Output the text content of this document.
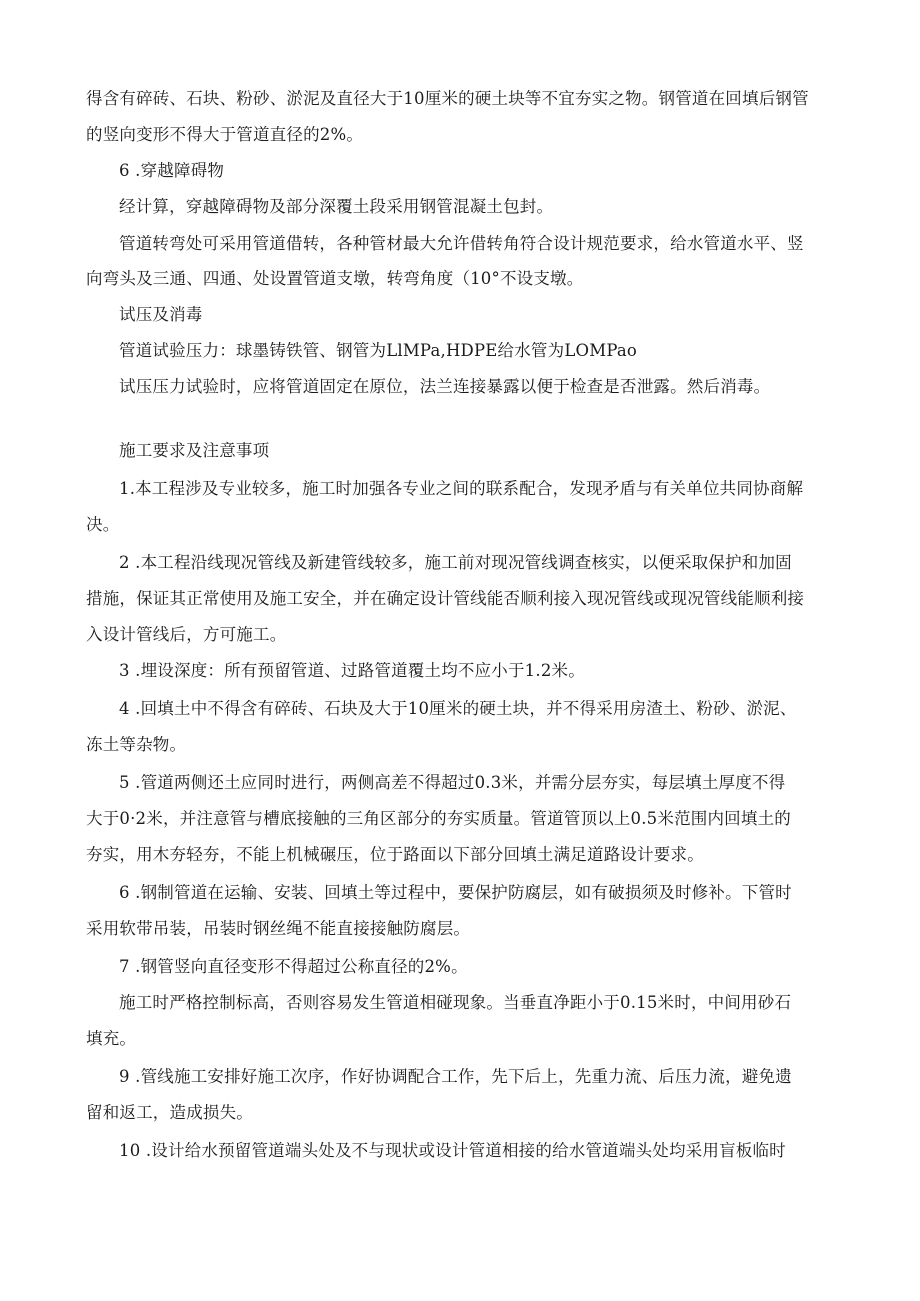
得含有碎砖、石块、粉砂、淤泥及直径大于10厘米的硬土块等不宜夯实之物。钢管道在回填后钢管
的竖向变形不得大于管道直径的2%。
6 .穿越障碍物
经计算，穿越障碍物及部分深覆土段采用钢管混凝土包封。
管道转弯处可采用管道借转，各种管材最大允许借转角符合设计规范要求，给水管道水平、竖
向弯头及三通、四通、处设置管道支墩，转弯角度（10°不设支墩。
试压及消毒
管道试验压力：球墨铸铁管、钢管为LlMPa,HDPE给水管为LOMPao
试压压力试验时，应将管道固定在原位，法兰连接暴露以便于检查是否泄露。然后消毒。
施工要求及注意事项
1.本工程涉及专业较多，施工时加强各专业之间的联系配合，发现矛盾与有关单位共同协商解
决。
2 .本工程沿线现况管线及新建管线较多，施工前对现况管线调查核实，以便采取保护和加固
措施，保证其正常使用及施工安全，并在确定设计管线能否顺利接入现况管线或现况管线能顺利接
入设计管线后，方可施工。
3 .埋设深度：所有预留管道、过路管道覆土均不应小于1.2米。
4 .回填土中不得含有碎砖、石块及大于10厘米的硬土块，并不得采用房渣土、粉砂、淤泥、
冻土等杂物。
5 .管道两侧还土应同时进行，两侧高差不得超过0.3米，并需分层夯实，每层填土厚度不得
大于0·2米，并注意管与槽底接触的三角区部分的夯实质量。管道管顶以上0.5米范围内回填土的
夯实，用木夯轻夯，不能上机械碾压，位于路面以下部分回填土满足道路设计要求。
6 .钢制管道在运输、安装、回填土等过程中，要保护防腐层，如有破损须及时修补。下管时
采用软带吊装，吊装时钢丝绳不能直接接触防腐层。
7 .钢管竖向直径变形不得超过公称直径的2%。
施工时严格控制标高，否则容易发生管道相碰现象。当垂直净距小于0.15米时，中间用砂石
填充。
9 .管线施工安排好施工次序，作好协调配合工作，先下后上，先重力流、后压力流，避免遗
留和返工，造成损失。
10 .设计给水预留管道端头处及不与现状或设计管道相接的给水管道端头处均采用盲板临时
